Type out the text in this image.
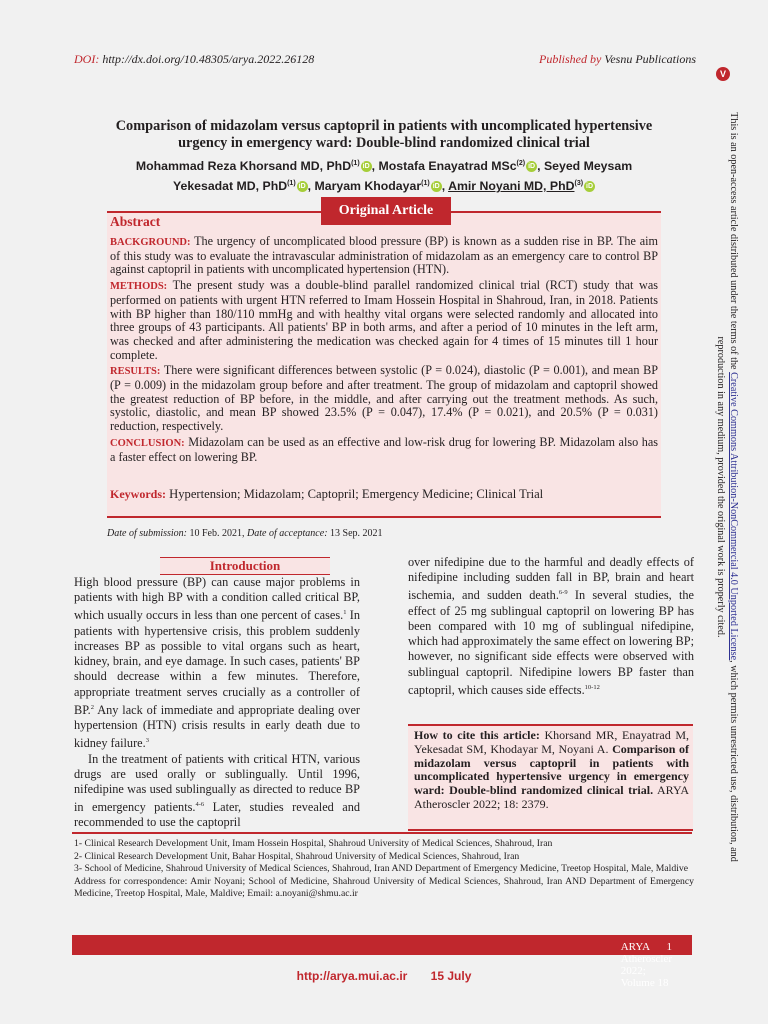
DOI: http://dx.doi.org/10.48305/arya.2022.26128	Published by Vesnu Publications
V
This is an open-access article distributed under the terms of the Creative Commons Attribution-NonCommercial 4.0 Unported License, which permits unrestricted use, distribution, and reproduction in any medium, provided the original work is properly cited.
Comparison of midazolam versus captopril in patients with uncomplicated hypertensive urgency in emergency ward: Double-blind randomized clinical trial
Mohammad Reza Khorsand MD, PhD$^{(1)}$ iD , Mostafa Enayatrad MSc$^{(2)}$ iD , Seyed Meysam Yekesadat MD, PhD$^{(1)}$ iD , Maryam Khodayar$^{(1)}$ iD , Amir Noyani MD, PhD$^{(3)}$ iD
Original Article
Abstract

BACKGROUND: The urgency of uncomplicated blood pressure (BP) is known as a sudden rise in BP. The aim of this study was to evaluate the intravascular administration of midazolam as an emergency care to control BP against captopril in patients with uncomplicated hypertension (HTN).

METHODS: The present study was a double-blind parallel randomized clinical trial (RCT) study that was performed on patients with urgent HTN referred to Imam Hossein Hospital in Shahroud, Iran, in 2018. Patients with BP higher than 180/110 mmHg and with healthy vital organs were selected randomly and allocated into three groups of 43 participants. All patients' BP in both arms, and after a period of 10 minutes in the left arm, was checked and after administering the medication was checked again for 4 times of 15 minutes till 1 hour complete.

RESULTS: There were significant differences between systolic (P = 0.024), diastolic (P = 0.001), and mean BP (P = 0.009) in the midazolam group before and after treatment. The group of midazolam and captopril showed the greatest reduction of BP before, in the middle, and after carrying out the treatment methods. As such, systolic, diastolic, and mean BP showed 23.5% (P = 0.047), 17.4% (P = 0.021), and 20.5% (P = 0.031) reduction, respectively.

CONCLUSION: Midazolam can be used as an effective and low-risk drug for lowering BP. Midazolam also has a faster effect on lowering BP.

Keywords: Hypertension; Midazolam; Captopril; Emergency Medicine; Clinical Trial
Date of submission: 10 Feb. 2021, Date of acceptance: 13 Sep. 2021
Introduction

High blood pressure (BP) can cause major problems in patients with high BP with a condition called critical BP, which usually occurs in less than one percent of cases.$^1$ In patients with hypertensive crisis, this problem suddenly increases BP as possible to vital organs such as heart, kidney, brain, and eye damage. In such cases, patients' BP should decrease within a few minutes. Therefore, appropriate treatment serves crucially as a controller of BP.$^2$ Any lack of immediate and appropriate dealing over hypertension (HTN) crisis results in early death due to kidney failure.$^3$

In the treatment of patients with critical HTN, various drugs are used orally or sublingually. Until 1996, nifedipine was used sublingually as directed to reduce BP in emergency patients.$^{4-6}$ Later, studies revealed and recommended to use the captopril

over nifedipine due to the harmful and deadly effects of nifedipine including sudden fall in BP, brain and heart ischemia, and sudden death.$^{6-9}$ In several studies, the effect of 25 mg sublingual captopril on lowering BP has been compared with 10 mg of sublingual nifedipine, which had approximately the same effect on lowering BP; however, no significant side effects were observed with sublingual captopril. Nifedipine lowers BP faster than captopril, which causes side effects.$^{10-12}$

How to cite this article: Khorsand MR, Enayatrad M, Yekesadat SM, Khodayar M, Noyani A. Comparison of midazolam versus captopril in patients with uncomplicated hypertensive urgency in emergency ward: Double-blind randomized clinical trial. ARYA Atheroscler 2022; 18: 2379.

1- Clinical Research Development Unit, Imam Hossein Hospital, Shahroud University of Medical Sciences, Shahroud, Iran

2- Clinical Research Development Unit, Bahar Hospital, Shahroud University of Medical Sciences, Shahroud, Iran

3- School of Medicine, Shahroud University of Medical Sciences, Shahroud, Iran AND Department of Emergency Medicine, Treetop Hospital, Male, Maldive

Address for correspondence: Amir Noyani; School of Medicine, Shahroud University of Medical Sciences, Shahroud, Iran AND Department of Emergency Medicine, Treetop Hospital, Male, Maldive; Email: a.noyani@shmu.ac.ir

ARYA Atheroscler 2022; Volume 18

1
http://arya.mui.ac.ir 15 July
